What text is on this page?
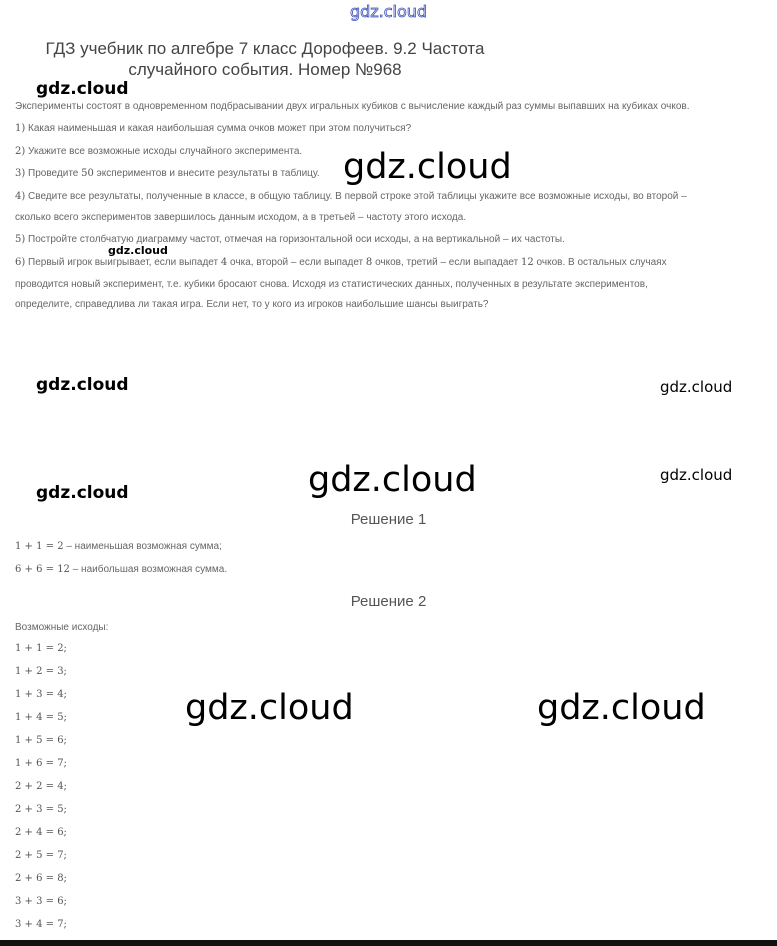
gdz.cloud
ГДЗ учебник по алгебре 7 класс Дорофеев. 9.2 Частота
случайного события. Номер №968
gdz.cloud
gdz.cloud
gdz.cloud
gdz.cloud	gdz.cloud
gdz.cloud
gdz.cloud
gdz.cloud
gdz.cloud	gdz.cloud

Эксперименты состоят в одновременном подбрасывании двух игральных кубиков с вычисление каждый раз суммы выпавших на кубиках очков.

1) Какая наименьшая и какая наибольшая сумма очков может при этом получиться?

2) Укажите все возможные исходы случайного эксперимента.

3) Проведите 50 экспериментов и внесите результаты в таблицу.

4) Сведите все результаты, полученные в классе, в общую таблицу. В первой строке этой таблицы укажите все возможные исходы, во второй –

сколько всего экспериментов завершилось данным исходом, а в третьей – частоту этого исхода.

5) Постройте столбчатую диаграмму частот, отмечая на горизонтальной оси исходы, а на вертикальной – их частоты.

6) Первый игрок выигрывает, если выпадет 4 очка, второй – если выпадет 8 очков, третий – если выпадает 12 очков. В остальных случаях

проводится новый эксперимент, т.е. кубики бросают снова. Исходя из статистических данных, полученных в результате экспериментов,

определите, справедлива ли такая игра. Если нет, то у кого из игроков наибольшие шансы выиграть?

Решение 1
1 + 1 = 2 – наименьшая возможная сумма;
6 + 6 = 12 – наибольшая возможная сумма.
Решение 2
Возможные исходы:
1 + 1 = 2;
1 + 2 = 3;
1 + 3 = 4;
1 + 4 = 5;
1 + 5 = 6;
1 + 6 = 7;
2 + 2 = 4;
2 + 3 = 5;
2 + 4 = 6;
2 + 5 = 7;
2 + 6 = 8;
3 + 3 = 6;
3 + 4 = 7;
